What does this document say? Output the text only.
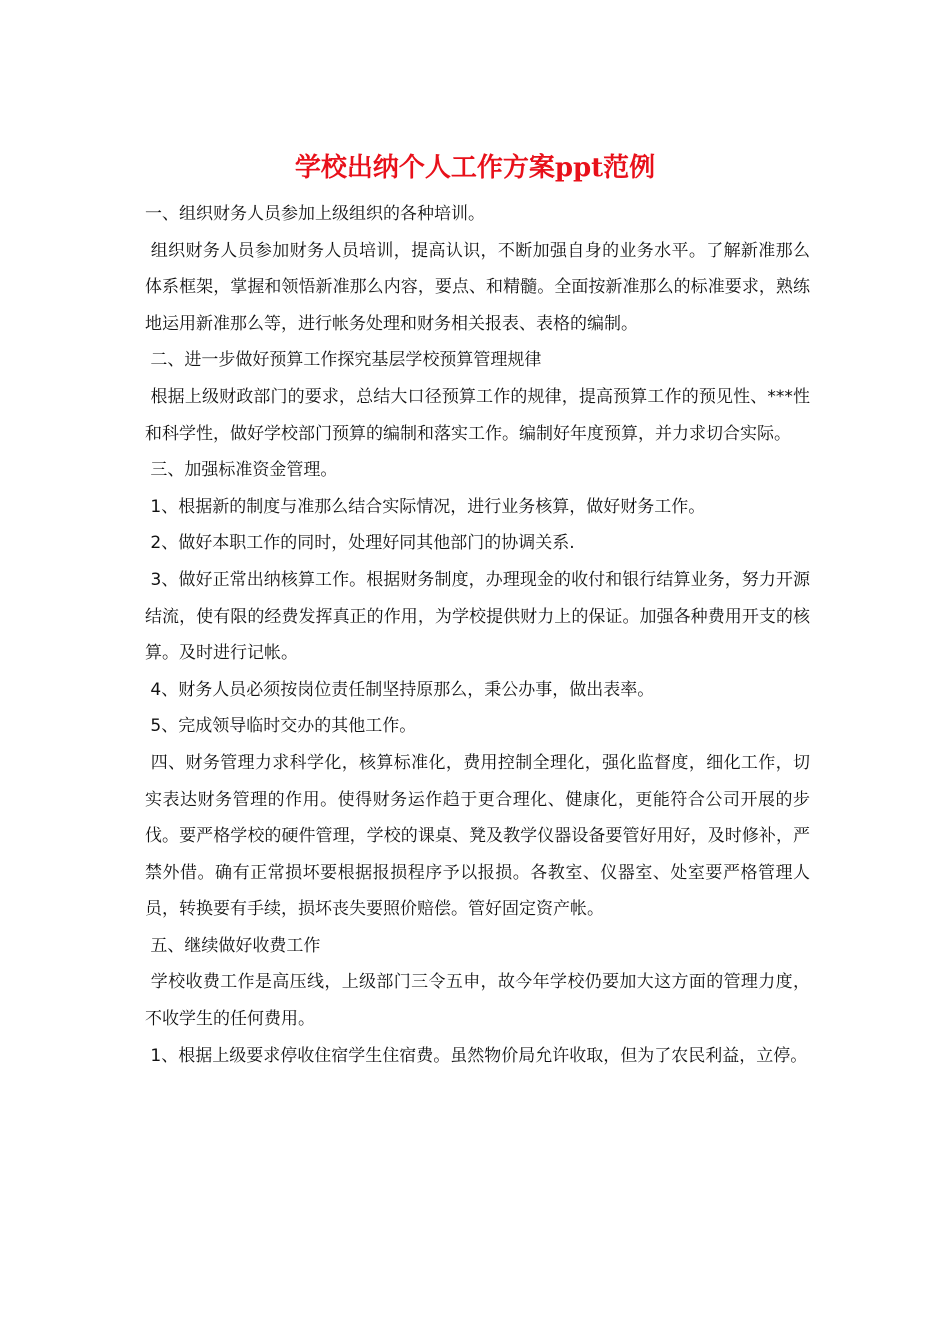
学校出纳个人工作方案ppt范例

一、组织财务人员参加上级组织的各种培训。

组织财务人员参加财务人员培训，提高认识，不断加强自身的业务水平。了解新准那么体系框架，掌握和领悟新准那么内容，要点、和精髓。全面按新准那么的标准要求，熟练地运用新准那么等，进行帐务处理和财务相关报表、表格的编制。

二、进一步做好预算工作探究基层学校预算管理规律

根据上级财政部门的要求，总结大口径预算工作的规律，提高预算工作的预见性、***性和科学性，做好学校部门预算的编制和落实工作。编制好年度预算，并力求切合实际。

三、加强标准资金管理。

1、根据新的制度与准那么结合实际情况，进行业务核算，做好财务工作。

2、做好本职工作的同时，处理好同其他部门的协调关系.

3、做好正常出纳核算工作。根据财务制度，办理现金的收付和银行结算业务，努力开源结流，使有限的经费发挥真正的作用，为学校提供财力上的保证。加强各种费用开支的核算。及时进行记帐。

4、财务人员必须按岗位责任制坚持原那么，秉公办事，做出表率。

5、完成领导临时交办的其他工作。

四、财务管理力求科学化，核算标准化，费用控制全理化，强化监督度，细化工作，切实表达财务管理的作用。使得财务运作趋于更合理化、健康化，更能符合公司开展的步伐。要严格学校的硬件管理，学校的课桌、凳及教学仪器设备要管好用好，及时修补，严禁外借。确有正常损坏要根据报损程序予以报损。各教室、仪器室、处室要严格管理人员，转换要有手续，损坏丧失要照价赔偿。管好固定资产帐。

五、继续做好收费工作

学校收费工作是高压线，上级部门三令五申，故今年学校仍要加大这方面的管理力度，不收学生的任何费用。

1、根据上级要求停收住宿学生住宿费。虽然物价局允许收取，但为了农民利益，立停。
